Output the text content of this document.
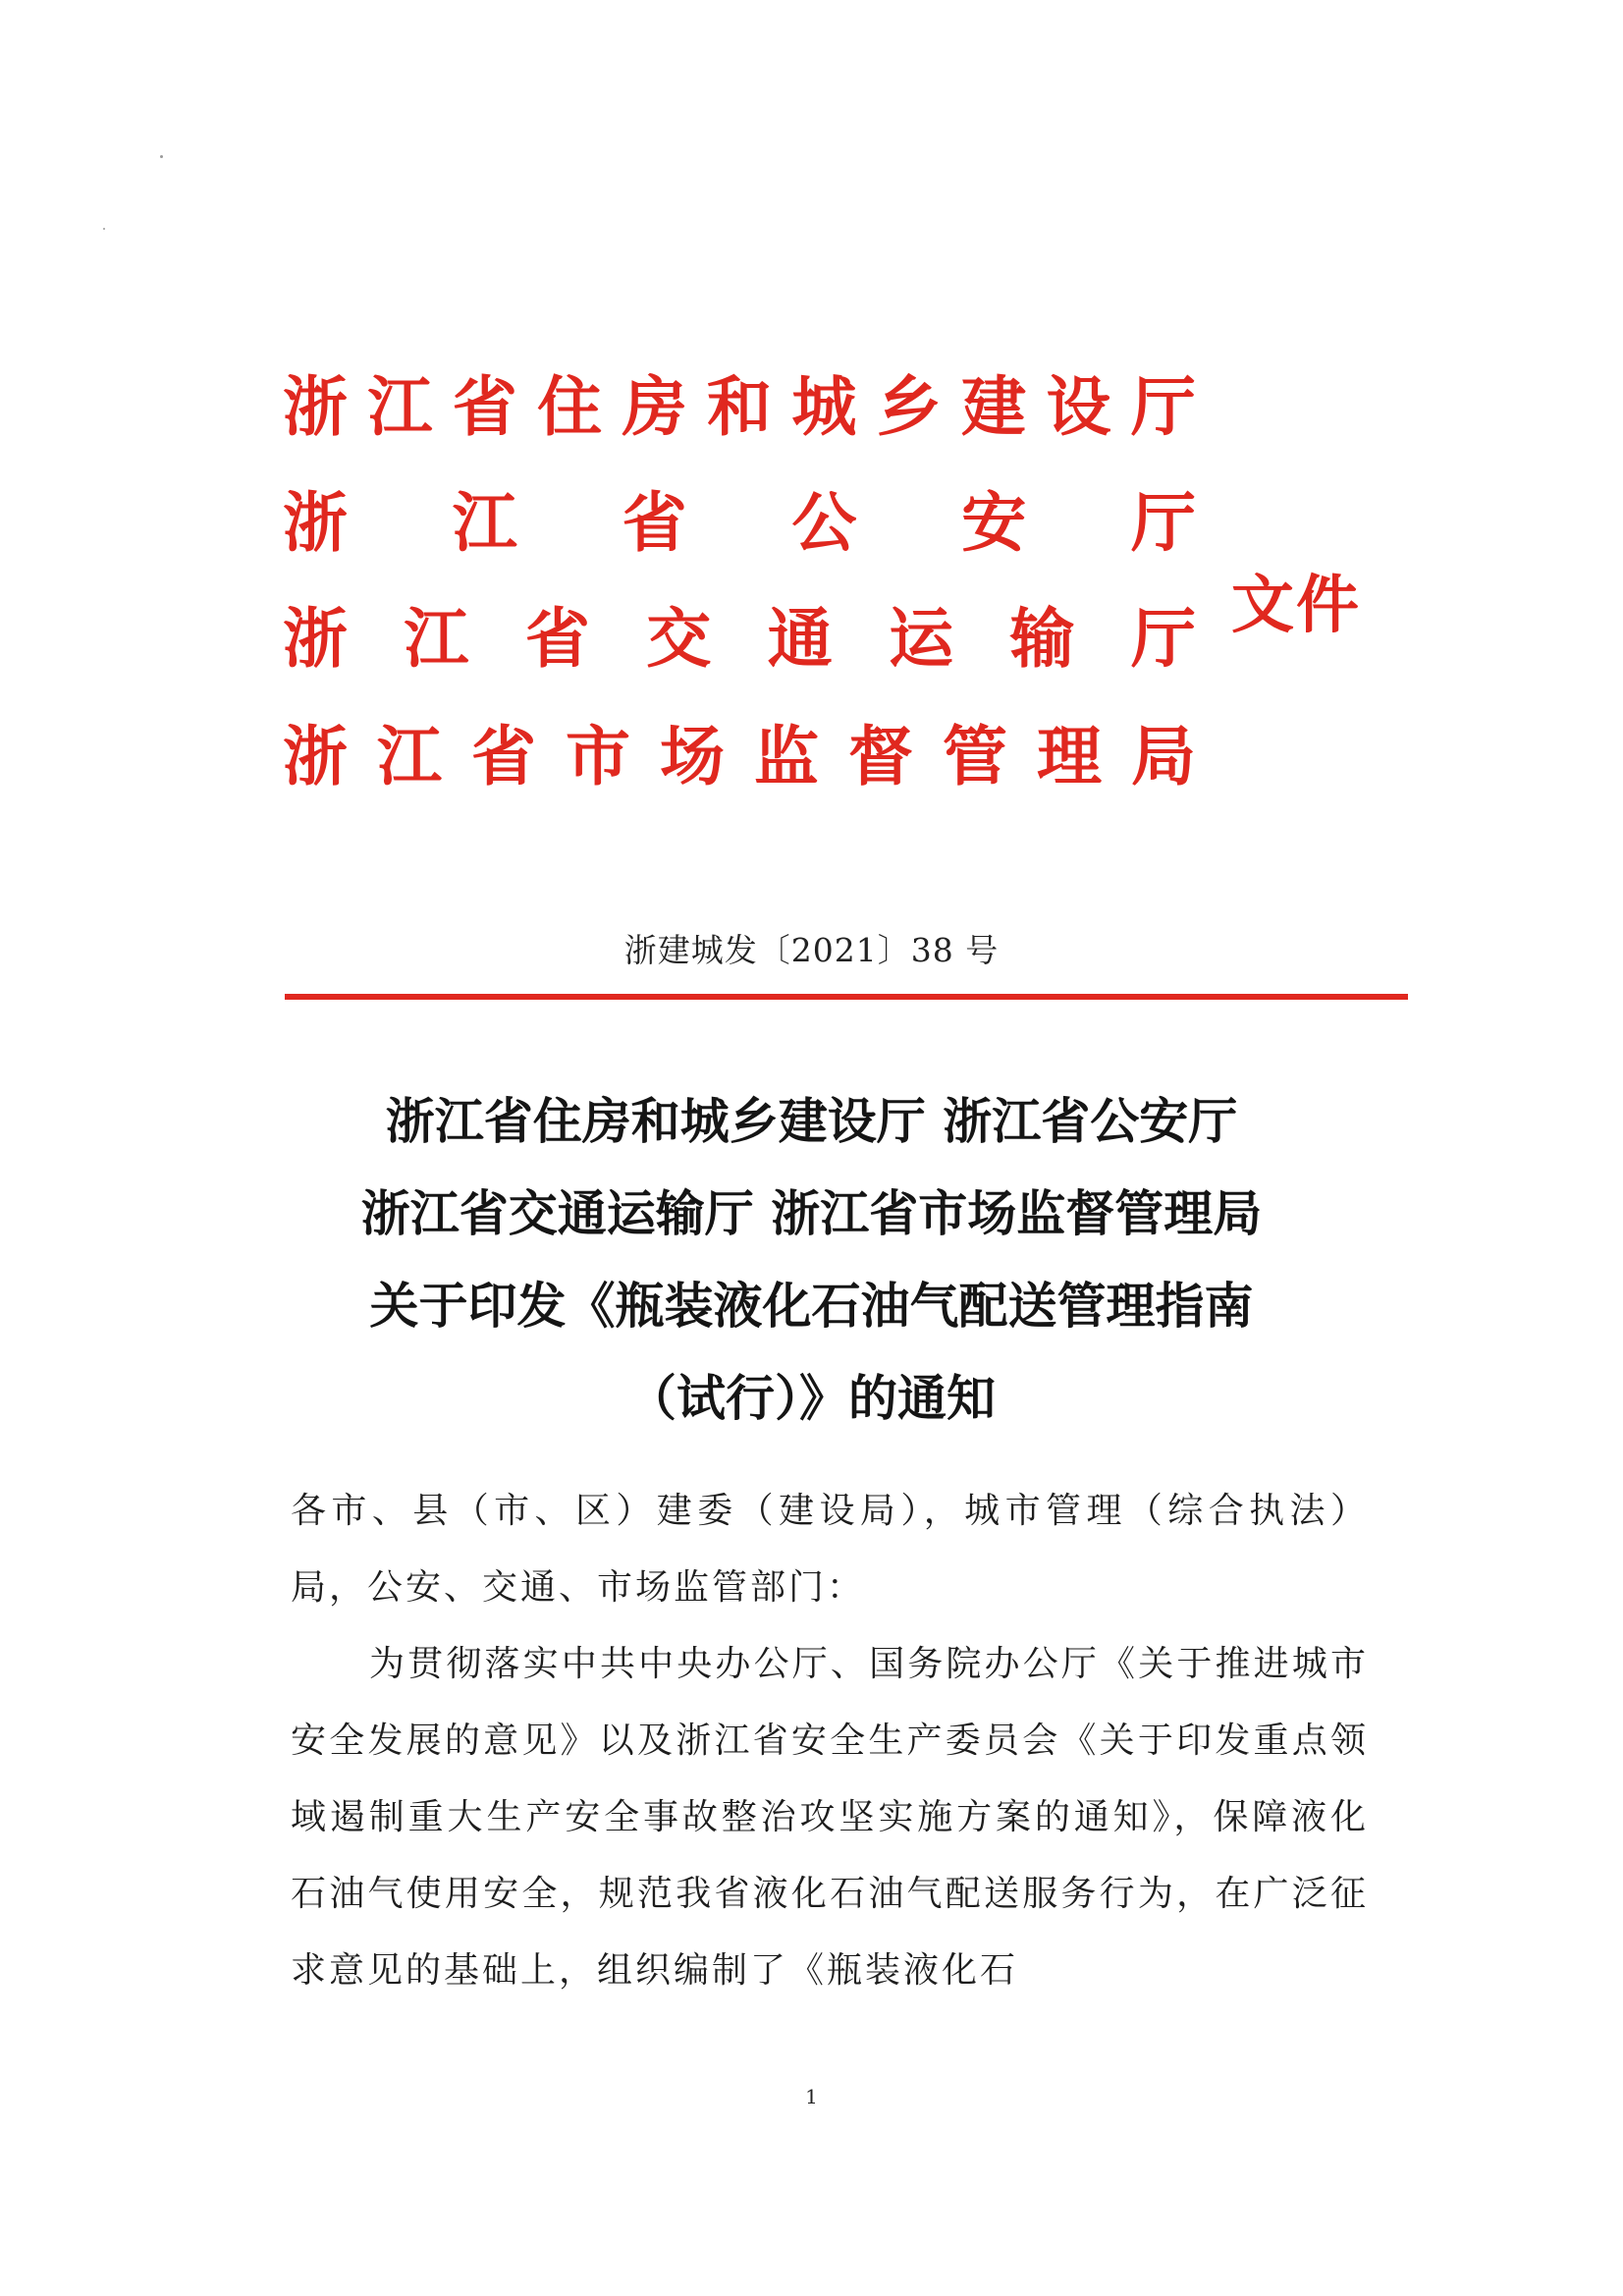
浙 江 省 住 房 和 城 乡 建 设 厅
浙 江 省 公 安 厅
浙 江 省 交 通 运 输 厅
浙 江 省 市 场 监 督 管 理 局
文件
浙建城发〔2021〕38 号
浙江省住房和城乡建设厅 浙江省公安厅
浙江省交通运输厅 浙江省市场监督管理局
关于印发《瓶装液化石油气配送管理指南
（试行）》的通知

各市、县（市、区）建委（建设局），城市管理（综合执法）局，公安、交通、市场监管部门：

为贯彻落实中共中央办公厅、国务院办公厅《关于推进城市安全发展的意见》以及浙江省安全生产委员会《关于印发重点领域遏制重大生产安全事故整治攻坚实施方案的通知》，保障液化石油气使用安全，规范我省液化石油气配送服务行为，在广泛征求意见的基础上，组织编制了《瓶装液化石

1
